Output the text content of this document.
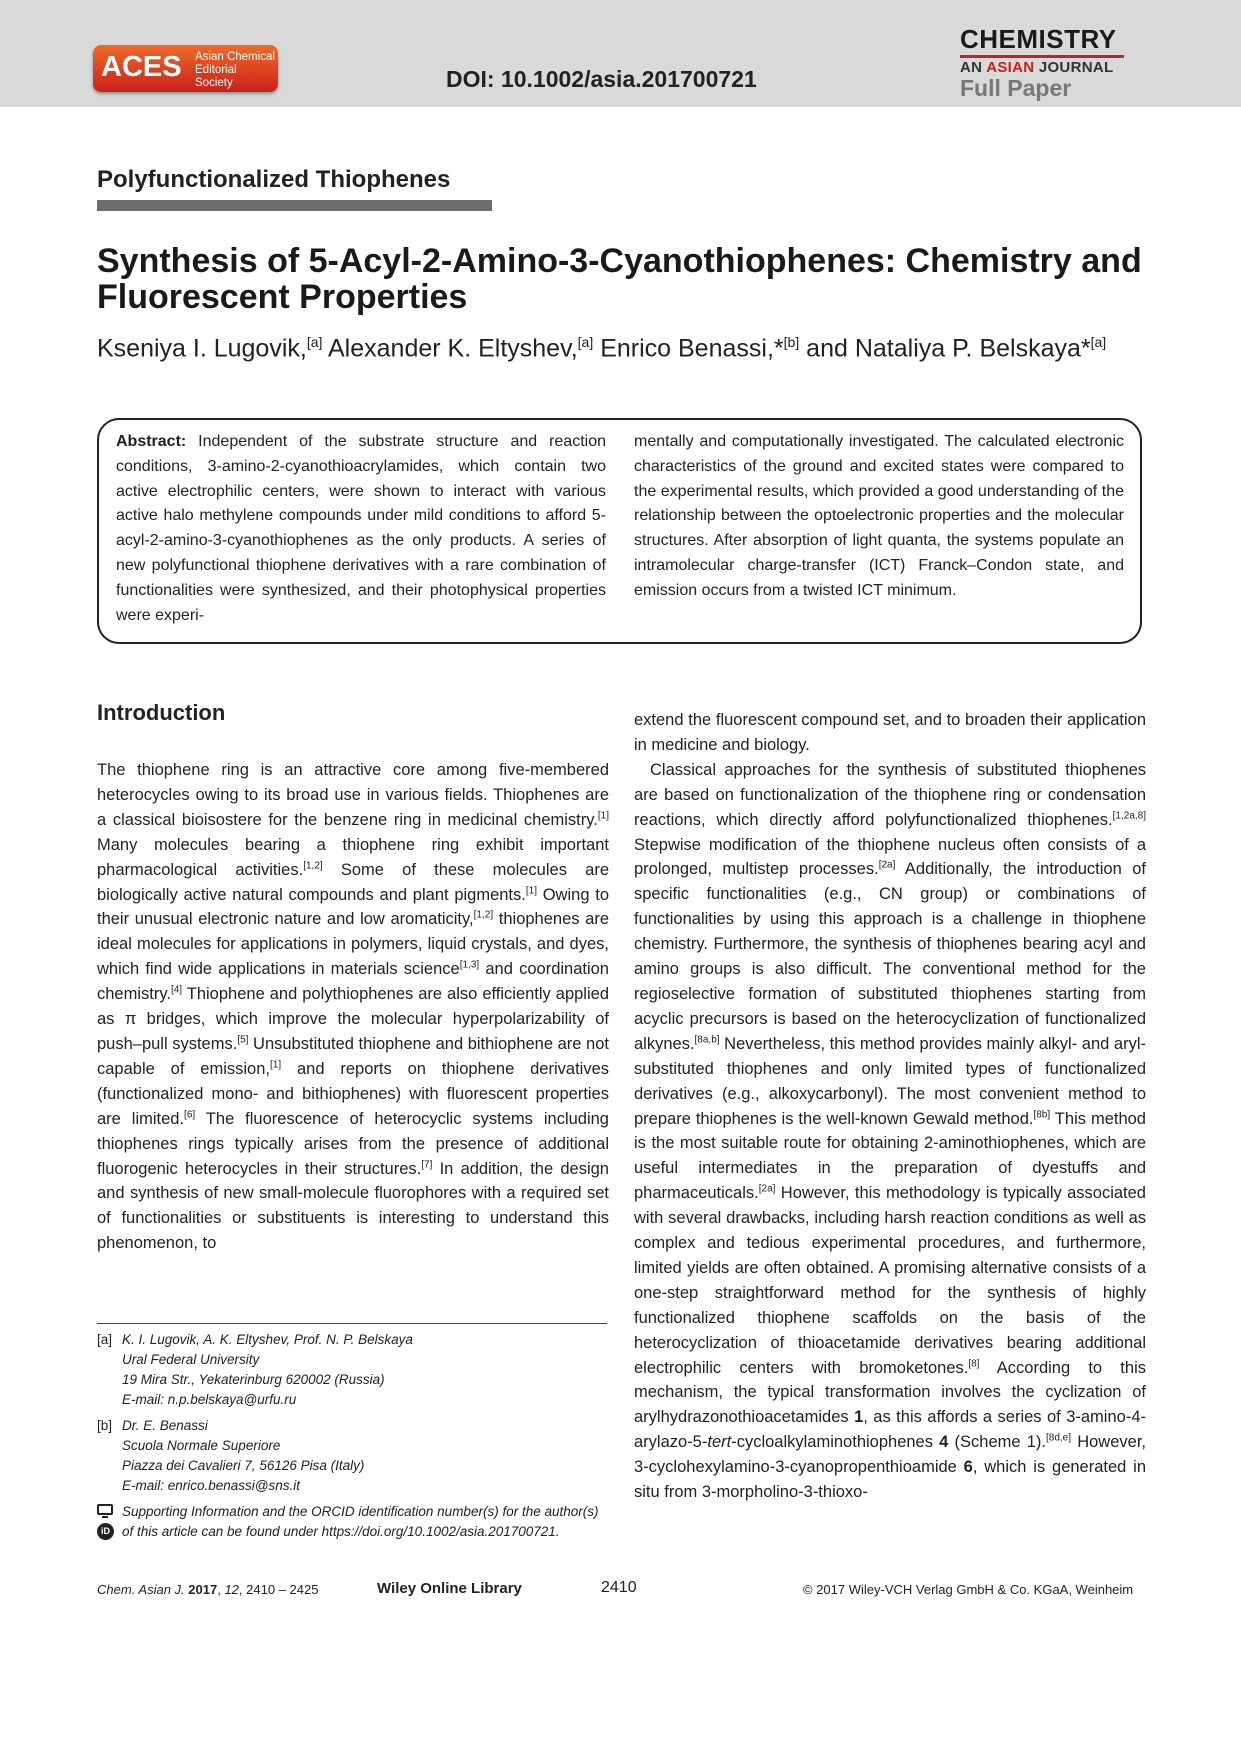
ACES Asian Chemical
Editorial Society	DOI: 10.1002/asia.201700721
CHEMISTRY
AN ASIAN JOURNAL
Full Paper
Polyfunctionalized Thiophenes
Synthesis of 5-Acyl-2-Amino-3-Cyanothiophenes: Chemistry and Fluorescent Properties
Kseniya I. Lugovik,[a] Alexander K. Eltyshev,[a] Enrico Benassi,*[b] and Nataliya P. Belskaya*[a]
Abstract: Independent of the substrate structure and reaction conditions, 3-amino-2-cyanothioacrylamides, which contain two active electrophilic centers, were shown to interact with various active halo methylene compounds under mild conditions to afford 5-acyl-2-amino-3-cyanothiophenes as the only products. A series of new polyfunctional thiophene derivatives with a rare combination of functionalities were synthesized, and their photophysical properties were experi-
mentally and computationally investigated. The calculated electronic characteristics of the ground and excited states were compared to the experimental results, which provided a good understanding of the relationship between the optoelectronic properties and the molecular structures. After absorption of light quanta, the systems populate an intramolecular charge-transfer (ICT) Franck–Condon state, and emission occurs from a twisted ICT minimum.
Introduction

The thiophene ring is an attractive core among five-membered heterocycles owing to its broad use in various fields. Thiophenes are a classical bioisostere for the benzene ring in medicinal chemistry.[1] Many molecules bearing a thiophene ring exhibit important pharmacological activities.[1,2] Some of these molecules are biologically active natural compounds and plant pigments.[1] Owing to their unusual electronic nature and low aromaticity,[1,2] thiophenes are ideal molecules for applications in polymers, liquid crystals, and dyes, which find wide applications in materials science[1,3] and coordination chemistry.[4] Thiophene and polythiophenes are also efficiently applied as π bridges, which improve the molecular hyperpolarizability of push–pull systems.[5] Unsubstituted thiophene and bithiophene are not capable of emission,[1] and reports on thiophene derivatives (functionalized mono- and bithiophenes) with fluorescent properties are limited.[6] The fluorescence of heterocyclic systems including thiophenes rings typically arises from the presence of additional fluorogenic heterocycles in their structures.[7] In addition, the design and synthesis of new small-molecule fluorophores with a required set of functionalities or substituents is interesting to understand this phenomenon, to

extend the fluorescent compound set, and to broaden their application in medicine and biology.

Classical approaches for the synthesis of substituted thiophenes are based on functionalization of the thiophene ring or condensation reactions, which directly afford polyfunctionalized thiophenes.[1,2a,8] Stepwise modification of the thiophene nucleus often consists of a prolonged, multistep processes.[2a] Additionally, the introduction of specific functionalities (e.g., CN group) or combinations of functionalities by using this approach is a challenge in thiophene chemistry. Furthermore, the synthesis of thiophenes bearing acyl and amino groups is also difficult. The conventional method for the regioselective formation of substituted thiophenes starting from acyclic precursors is based on the heterocyclization of functionalized alkynes.[8a,b] Nevertheless, this method provides mainly alkyl- and aryl-substituted thiophenes and only limited types of functionalized derivatives (e.g., alkoxycarbonyl). The most convenient method to prepare thiophenes is the well-known Gewald method.[8b] This method is the most suitable route for obtaining 2-aminothiophenes, which are useful intermediates in the preparation of dyestuffs and pharmaceuticals.[2a] However, this methodology is typically associated with several drawbacks, including harsh reaction conditions as well as complex and tedious experimental procedures, and furthermore, limited yields are often obtained. A promising alternative consists of a one-step straightforward method for the synthesis of highly functionalized thiophene scaffolds on the basis of the heterocyclization of thioacetamide derivatives bearing additional electrophilic centers with bromoketones.[8] According to this mechanism, the typical transformation involves the cyclization of arylhydrazonothioacetamides 1, as this affords a series of 3-amino-4-arylazo-5-tert-cycloalkylaminothiophenes 4 (Scheme 1).[8d,e] However, 3-cyclohexylamino-3-cyanopropenthioamide 6, which is generated in situ from 3-morpholino-3-thioxo-

[a] K. I. Lugovik, A. K. Eltyshev, Prof. N. P. Belskaya
Ural Federal University
19 Mira Str., Yekaterinburg 620002 (Russia)
E-mail: n.p.belskaya@urfu.ru
[b] Dr. E. Benassi
Scuola Normale Superiore
Piazza dei Cavalieri 7, 56126 Pisa (Italy)
E-mail: enrico.benassi@sns.it
iD
Supporting Information and the ORCID identification number(s) for the author(s) of this article can be found under https://doi.org/10.1002/asia.201700721.
Chem. Asian J. 2017, 12, 2410 – 2425	Wiley Online Library	2410	© 2017 Wiley-VCH Verlag GmbH & Co. KGaA, Weinheim
